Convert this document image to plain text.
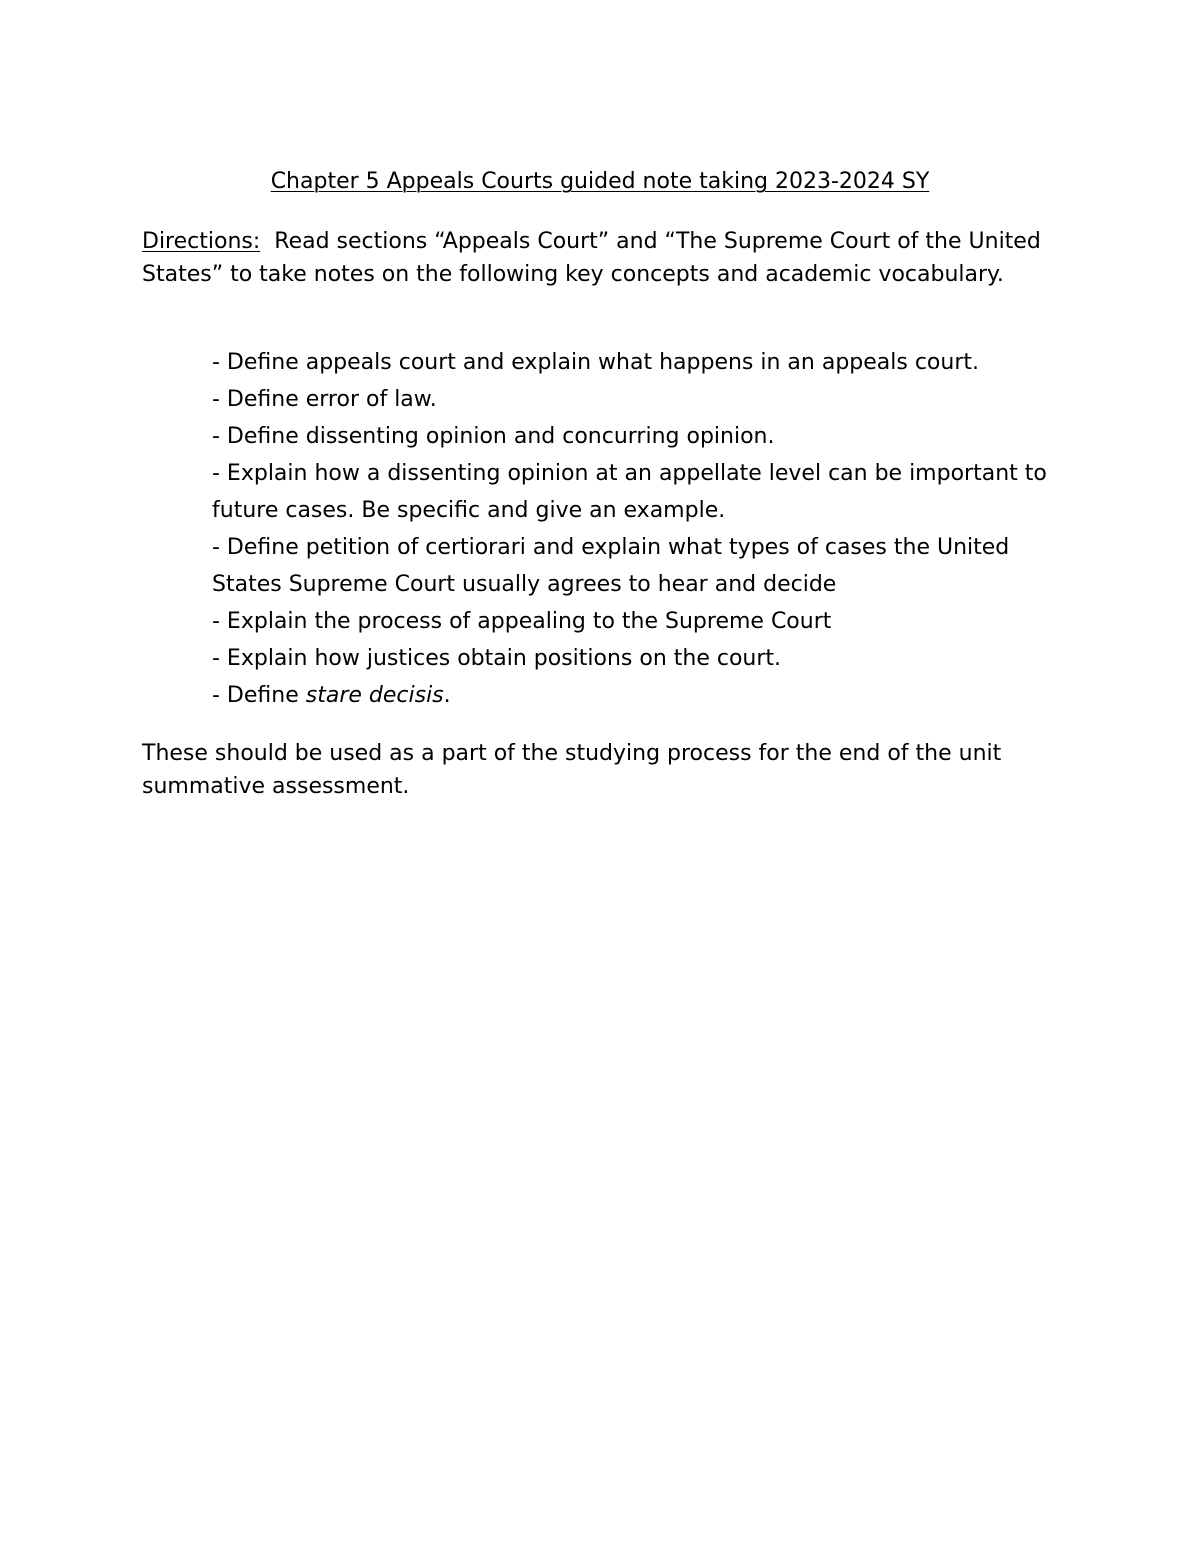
Chapter 5 Appeals Courts guided note taking 2023-2024 SY
Directions: Read sections “Appeals Court” and “The Supreme Court of the United States” to take notes on the following key concepts and academic vocabulary.
- Define appeals court and explain what happens in an appeals court.
- Define error of law.
- Define dissenting opinion and concurring opinion.
- Explain how a dissenting opinion at an appellate level can be important to future cases. Be specific and give an example.
- Define petition of certiorari and explain what types of cases the United States Supreme Court usually agrees to hear and decide
- Explain the process of appealing to the Supreme Court
- Explain how justices obtain positions on the court.
- Define stare decisis.
These should be used as a part of the studying process for the end of the unit summative assessment.
